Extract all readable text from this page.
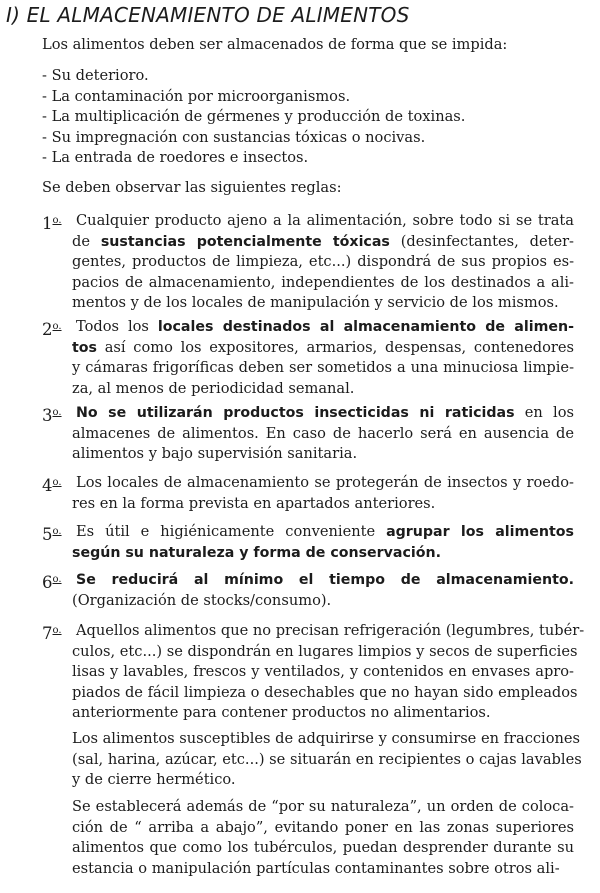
I) EL ALMACENAMIENTO DE ALIMENTOS
Los alimentos deben ser almacenados de forma que se impida:
- Su deterioro.
- La contaminación por microorganismos.
- La multiplicación de gérmenes y producción de toxinas.
- Su impregnación con sustancias tóxicas o nocivas.
- La entrada de roedores e insectos.
Se deben observar las siguientes reglas:
$1^{o.}$ Cualquier producto ajeno a la alimentación, sobre todo si se trata
de sustancias potencialmente tóxicas (desinfectantes, deter-
gentes, productos de limpieza, etc...) dispondrá de sus propios es-
pacios de almacenamiento, independientes de los destinados a ali-
mentos y de los locales de manipulación y servicio de los mismos.
$2^{o.}$ Todos los locales destinados al almacenamiento de alimen-
tos así como los expositores, armarios, despensas, contenedores
y cámaras frigoríficas deben ser sometidos a una minuciosa limpie-
za, al menos de periodicidad semanal.
$3^{o.}$	No se utilizarán productos insecticidas ni raticidas en los
almacenes de alimentos. En caso de hacerlo será en ausencia de
alimentos y bajo supervisión sanitaria.
$4^{o.}$ Los locales de almacenamiento se protegerán de insectos y roedo-
res en la forma prevista en apartados anteriores.
$5^{o.}$ Es útil e higiénicamente conveniente agrupar los alimentos
según su naturaleza y forma de conservación.
$6^{o.}$	Se reducirá al mínimo el tiempo de almacenamiento.
(Organización de stocks/consumo).
$7^{o.}$ Aquellos alimentos que no precisan refrigeración (legumbres, tubér-
culos, etc...) se dispondrán en lugares limpios y secos de superficies
lisas y lavables, frescos y ventilados, y contenidos en envases apro-
piados de fácil limpieza o desechables que no hayan sido empleados
anteriormente para contener productos no alimentarios.
Los alimentos susceptibles de adquirirse y consumirse en fracciones
(sal, harina, azúcar, etc...) se situarán en recipientes o cajas lavables
y de cierre hermético.
Se establecerá además de “por su naturaleza”, un orden de coloca-
ción de “ arriba a abajo”, evitando poner en las zonas superiores
alimentos que como los tubérculos, puedan desprender durante su
estancia o manipulación partículas contaminantes sobre otros ali-
